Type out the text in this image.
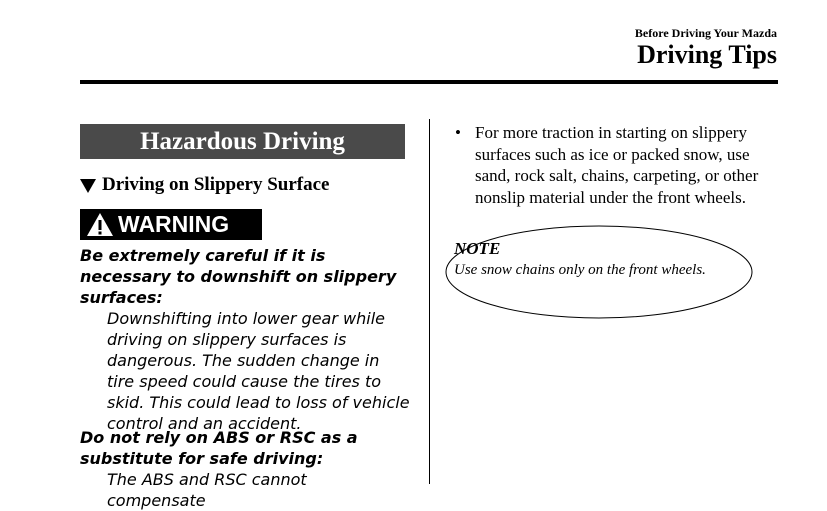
Before Driving Your Mazda
Driving Tips
Hazardous Driving
Driving on Slippery Surface
WARNING
Be extremely careful if it is necessary to downshift on slippery surfaces:
Downshifting into lower gear while driving on slippery surfaces is dangerous. The sudden change in tire speed could cause the tires to skid. This could lead to loss of vehicle control and an accident.
Do not rely on ABS or RSC as a substitute for safe driving:
The ABS and RSC cannot compensate
• For more traction in starting on slippery surfaces such as ice or packed snow, use sand, rock salt, chains, carpeting, or other nonslip material under the front wheels.
NOTE
Use snow chains only on the front wheels.
